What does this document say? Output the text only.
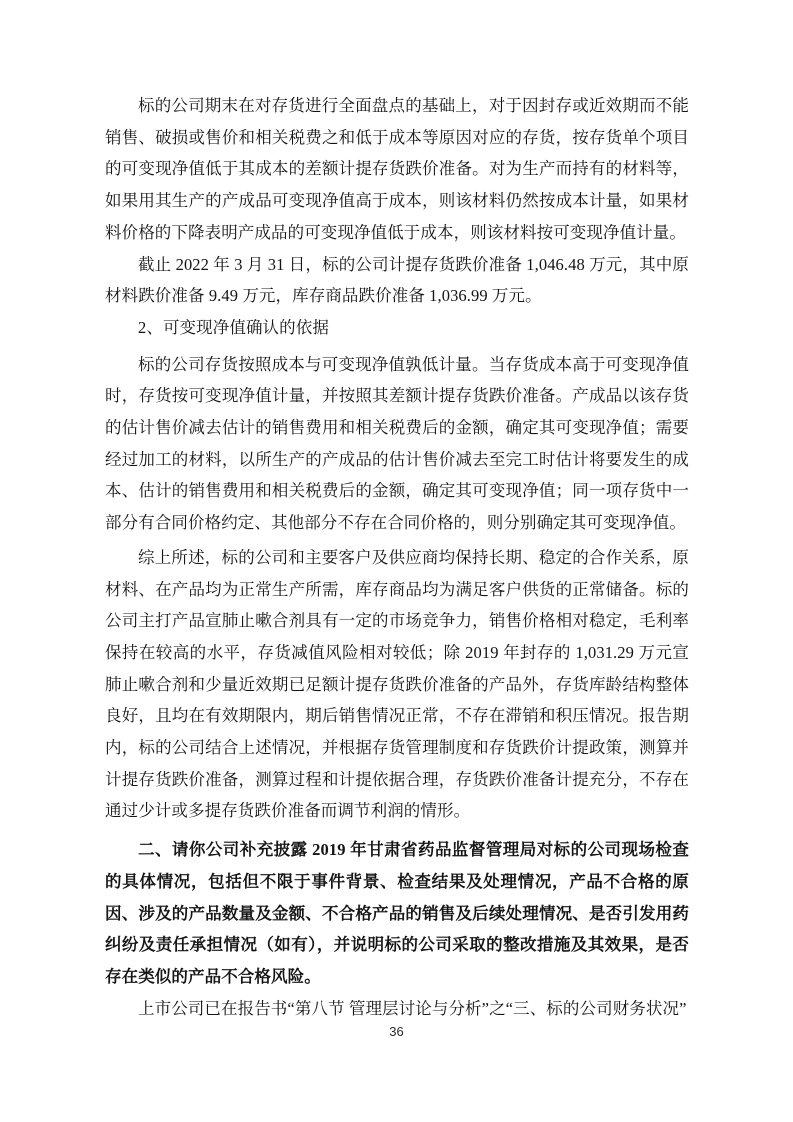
标的公司期末在对存货进行全面盘点的基础上，对于因封存或近效期而不能销售、破损或售价和相关税费之和低于成本等原因对应的存货，按存货单个项目的可变现净值低于其成本的差额计提存货跌价准备。对为生产而持有的材料等，如果用其生产的产成品可变现净值高于成本，则该材料仍然按成本计量，如果材料价格的下降表明产成品的可变现净值低于成本，则该材料按可变现净值计量。

截止 2022 年 3 月 31 日，标的公司计提存货跌价准备 1,046.48 万元，其中原材料跌价准备 9.49 万元，库存商品跌价准备 1,036.99 万元。

2、可变现净值确认的依据

标的公司存货按照成本与可变现净值孰低计量。当存货成本高于可变现净值时，存货按可变现净值计量，并按照其差额计提存货跌价准备。产成品以该存货的估计售价减去估计的销售费用和相关税费后的金额，确定其可变现净值；需要经过加工的材料，以所生产的产成品的估计售价减去至完工时估计将要发生的成本、估计的销售费用和相关税费后的金额，确定其可变现净值；同一项存货中一部分有合同价格约定、其他部分不存在合同价格的，则分别确定其可变现净值。

综上所述，标的公司和主要客户及供应商均保持长期、稳定的合作关系，原材料、在产品均为正常生产所需，库存商品均为满足客户供货的正常储备。标的公司主打产品宣肺止嗽合剂具有一定的市场竞争力，销售价格相对稳定，毛利率保持在较高的水平，存货减值风险相对较低；除 2019 年封存的 1,031.29 万元宣肺止嗽合剂和少量近效期已足额计提存货跌价准备的产品外，存货库龄结构整体良好，且均在有效期限内，期后销售情况正常，不存在滞销和积压情况。报告期内，标的公司结合上述情况，并根据存货管理制度和存货跌价计提政策，测算并计提存货跌价准备，测算过程和计提依据合理，存货跌价准备计提充分，不存在通过少计或多提存货跌价准备而调节利润的情形。

二、请你公司补充披露 2019 年甘肃省药品监督管理局对标的公司现场检查的具体情况，包括但不限于事件背景、检查结果及处理情况，产品不合格的原因、涉及的产品数量及金额、不合格产品的销售及后续处理情况、是否引发用药纠纷及责任承担情况（如有），并说明标的公司采取的整改措施及其效果，是否存在类似的产品不合格风险。

上市公司已在报告书“第八节 管理层讨论与分析”之“三、标的公司财务状况”

36
